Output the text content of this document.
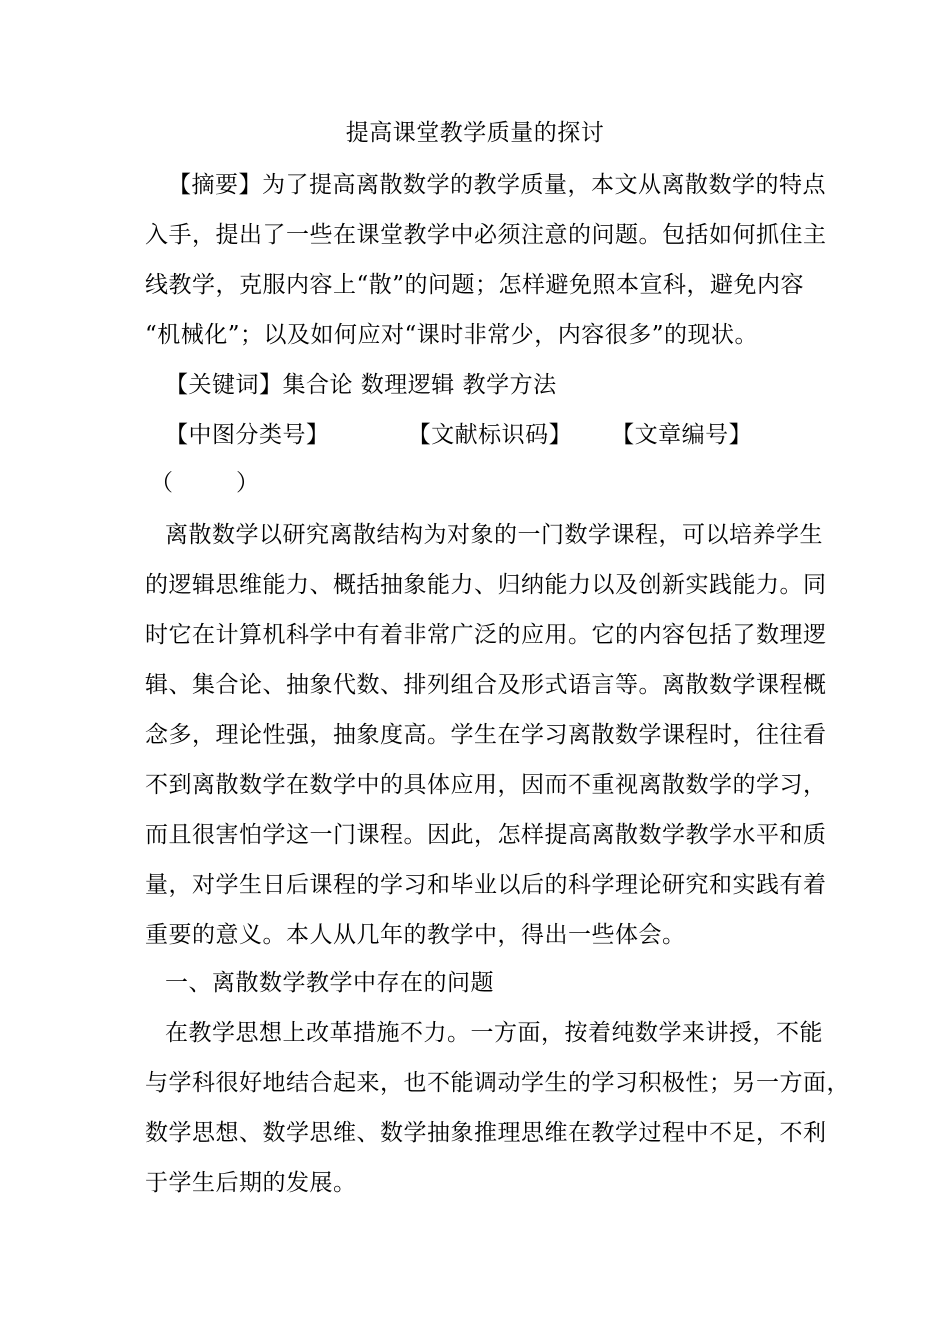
提高课堂教学质量的探讨
【摘要】为了提高离散数学的教学质量，本文从离散数学的特点
入手，提出了一些在课堂教学中必须注意的问题。包括如何抓住主
线教学，克服内容上“散”的问题；怎样避免照本宣科，避免内容
“机械化”；以及如何应对“课时非常少，内容很多”的现状。
【关键词】集合论 数理逻辑 教学方法
【中图分类号】          【文献标识码】     【文章编号】
（        ）
离散数学以研究离散结构为对象的一门数学课程，可以培养学生
的逻辑思维能力、概括抽象能力、归纳能力以及创新实践能力。同
时它在计算机科学中有着非常广泛的应用。它的内容包括了数理逻
辑、集合论、抽象代数、排列组合及形式语言等。离散数学课程概
念多，理论性强，抽象度高。学生在学习离散数学课程时，往往看
不到离散数学在数学中的具体应用，因而不重视离散数学的学习，
而且很害怕学这一门课程。因此，怎样提高离散数学教学水平和质
量，对学生日后课程的学习和毕业以后的科学理论研究和实践有着
重要的意义。本人从几年的教学中，得出一些体会。
一、离散数学教学中存在的问题
在教学思想上改革措施不力。一方面，按着纯数学来讲授，不能
与学科很好地结合起来，也不能调动学生的学习积极性；另一方面，
数学思想、数学思维、数学抽象推理思维在教学过程中不足，不利
于学生后期的发展。
